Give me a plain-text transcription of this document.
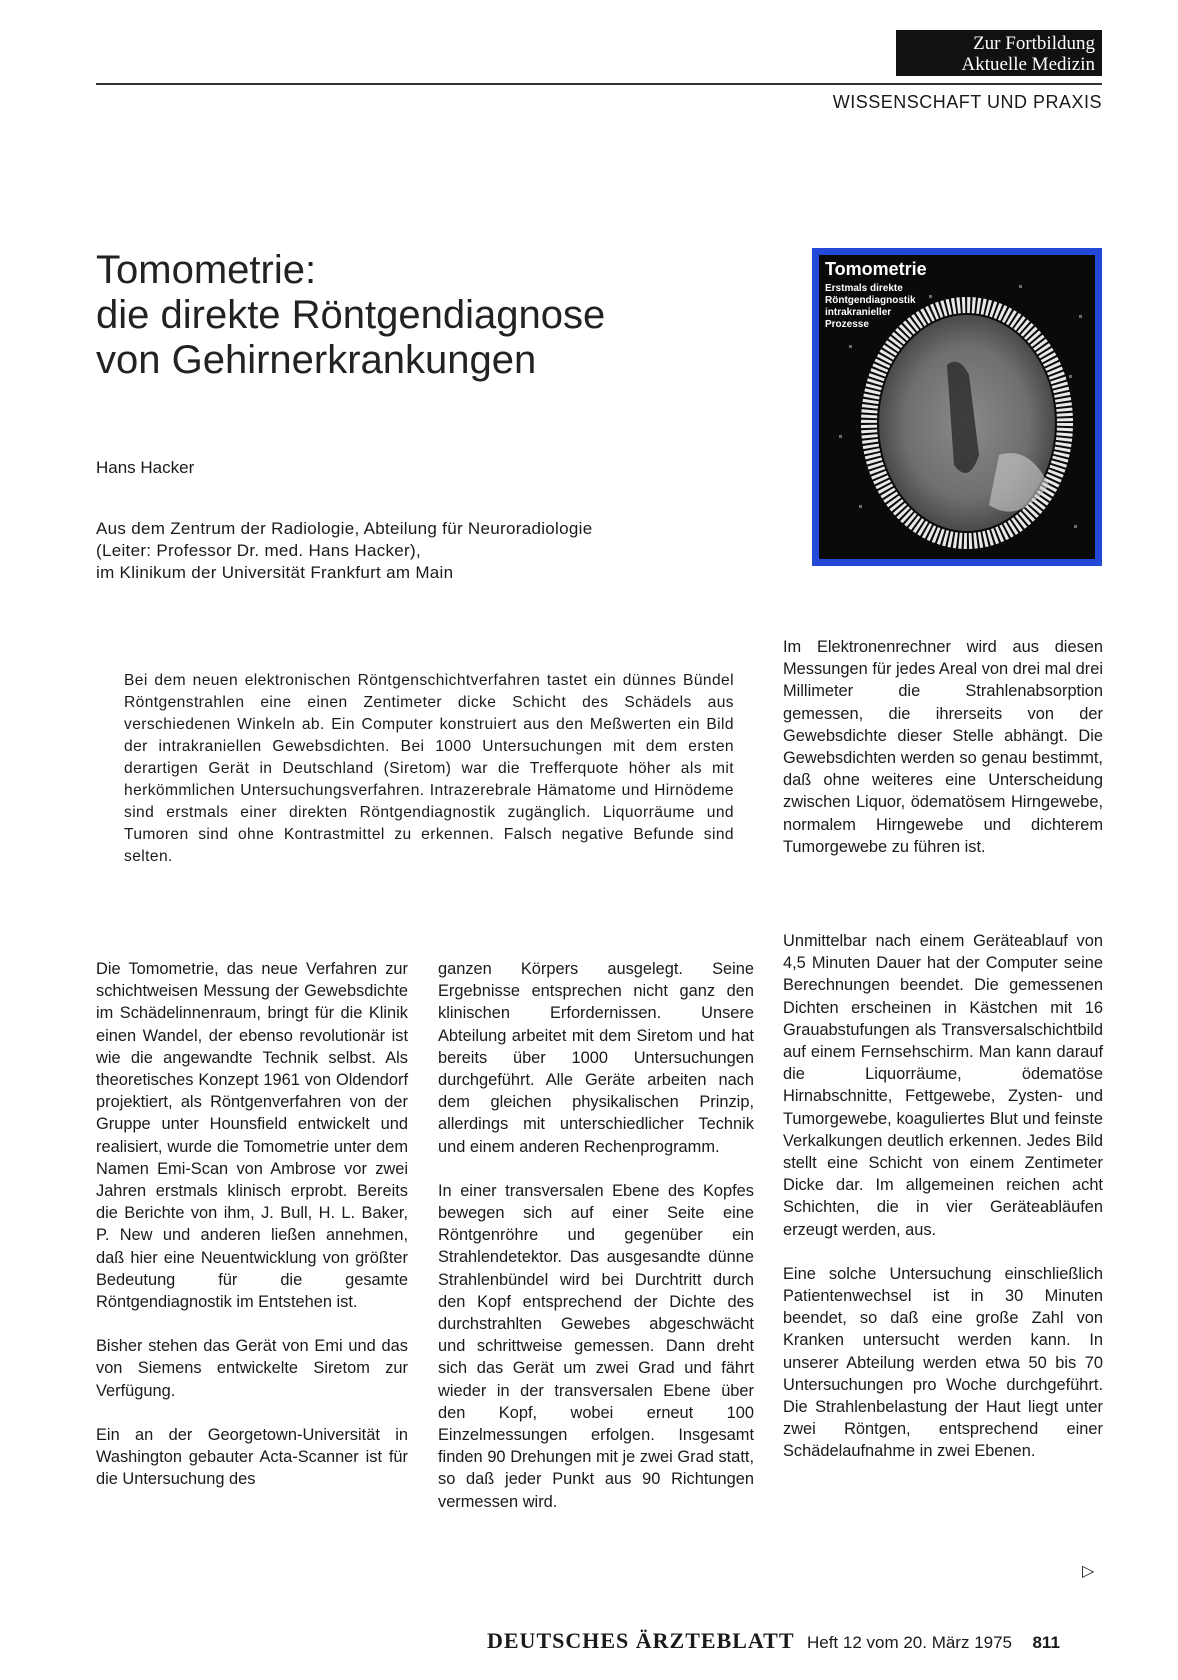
Zur Fortbildung
Aktuelle Medizin
WISSENSCHAFT UND PRAXIS
Tomometrie:
die direkte Röntgendiagnose
von Gehirnerkrankungen
Hans Hacker
Aus dem Zentrum der Radiologie, Abteilung für Neuroradiologie
(Leiter: Professor Dr. med. Hans Hacker),
im Klinikum der Universität Frankfurt am Main
Tomometrie
Erstmals direkte
Röntgendiagnostik
intrakranieller
Prozesse
Bei dem neuen elektronischen Röntgenschichtverfahren tastet ein dünnes Bündel Röntgenstrahlen eine einen Zentimeter dicke Schicht des Schädels aus verschiedenen Winkeln ab. Ein Computer konstruiert aus den Meßwerten ein Bild der intrakraniellen Gewebsdichten. Bei 1000 Untersuchungen mit dem ersten derartigen Gerät in Deutschland (Siretom) war die Trefferquote höher als mit herkömmlichen Untersuchungsverfahren. Intrazerebrale Hämatome und Hirnödeme sind erstmals einer direkten Röntgendiagnostik zugänglich. Liquorräume und Tumoren sind ohne Kontrastmittel zu erkennen. Falsch negative Befunde sind selten.

Die Tomometrie, das neue Verfahren zur schichtweisen Messung der Gewebsdichte im Schädelinnenraum, bringt für die Klinik einen Wandel, der ebenso revolutionär ist wie die angewandte Technik selbst. Als theoretisches Konzept 1961 von Oldendorf projektiert, als Röntgenverfahren von der Gruppe unter Hounsfield entwickelt und realisiert, wurde die Tomometrie unter dem Namen Emi-Scan von Ambrose vor zwei Jahren erstmals klinisch erprobt. Bereits die Berichte von ihm, J. Bull, H. L. Baker, P. New und anderen ließen annehmen, daß hier eine Neuentwicklung von größter Bedeutung für die gesamte Röntgendiagnostik im Entstehen ist.

Bisher stehen das Gerät von Emi und das von Siemens entwickelte Siretom zur Verfügung.

Ein an der Georgetown-Universität in Washington gebauter Acta-Scanner ist für die Untersuchung des

ganzen Körpers ausgelegt. Seine Ergebnisse entsprechen nicht ganz den klinischen Erfordernissen. Unsere Abteilung arbeitet mit dem Siretom und hat bereits über 1000 Untersuchungen durchgeführt. Alle Geräte arbeiten nach dem gleichen physikalischen Prinzip, allerdings mit unterschiedlicher Technik und einem anderen Rechenprogramm.

In einer transversalen Ebene des Kopfes bewegen sich auf einer Seite eine Röntgenröhre und gegenüber ein Strahlendetektor. Das ausgesandte dünne Strahlenbündel wird bei Durchtritt durch den Kopf entsprechend der Dichte des durchstrahlten Gewebes abgeschwächt und schrittweise gemessen. Dann dreht sich das Gerät um zwei Grad und fährt wieder in der transversalen Ebene über den Kopf, wobei erneut 100 Einzelmessungen erfolgen. Insgesamt finden 90 Drehungen mit je zwei Grad statt, so daß jeder Punkt aus 90 Richtungen vermessen wird.

Im Elektronenrechner wird aus diesen Messungen für jedes Areal von drei mal drei Millimeter die Strahlenabsorption gemessen, die ihrerseits von der Gewebsdichte dieser Stelle abhängt. Die Gewebsdichten werden so genau bestimmt, daß ohne weiteres eine Unterscheidung zwischen Liquor, ödematösem Hirngewebe, normalem Hirngewebe und dichterem Tumorgewebe zu führen ist.

Unmittelbar nach einem Geräteablauf von 4,5 Minuten Dauer hat der Computer seine Berechnungen beendet. Die gemessenen Dichten erscheinen in Kästchen mit 16 Grauabstufungen als Transversalschichtbild auf einem Fernsehschirm. Man kann darauf die Liquorräume, ödematöse Hirnabschnitte, Fettgewebe, Zysten- und Tumorgewebe, koaguliertes Blut und feinste Verkalkungen deutlich erkennen. Jedes Bild stellt eine Schicht von einem Zentimeter Dicke dar. Im allgemeinen reichen acht Schichten, die in vier Geräteabläufen erzeugt werden, aus.

Eine solche Untersuchung einschließlich Patientenwechsel ist in 30 Minuten beendet, so daß eine große Zahl von Kranken untersucht werden kann. In unserer Abteilung werden etwa 50 bis 70 Untersuchungen pro Woche durchgeführt. Die Strahlenbelastung der Haut liegt unter zwei Röntgen, entsprechend einer Schädelaufnahme in zwei Ebenen.

▷
DEUTSCHES ÄRZTEBLATT Heft 12 vom 20. März 1975 811
